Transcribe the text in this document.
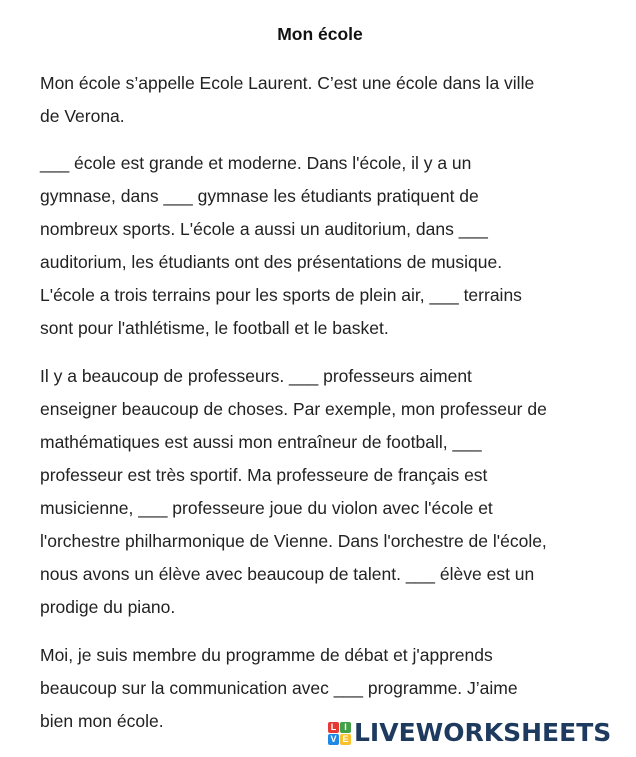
Mon école
Mon école s’appelle Ecole Laurent. C’est une école dans la ville
de Verona.
___ école est grande et moderne. Dans l'école, il y a un
gymnase, dans ___ gymnase les étudiants pratiquent de
nombreux sports. L'école a aussi un auditorium, dans ___
auditorium, les étudiants ont des présentations de musique.
L'école a trois terrains pour les sports de plein air, ___ terrains
sont pour l'athlétisme, le football et le basket.
Il y a beaucoup de professeurs. ___ professeurs aiment
enseigner beaucoup de choses. Par exemple, mon professeur de
mathématiques est aussi mon entraîneur de football, ___
professeur est très sportif. Ma professeure de français est
musicienne, ___ professeure joue du violon avec l'école et
l'orchestre philharmonique de Vienne. Dans l'orchestre de l'école,
nous avons un élève avec beaucoup de talent. ___ élève est un
prodige du piano.
Moi, je suis membre du programme de débat et j'apprends
beaucoup sur la communication avec ___ programme. J’aime
bien mon école.	L I
V E LIVEWORKSHEETS
